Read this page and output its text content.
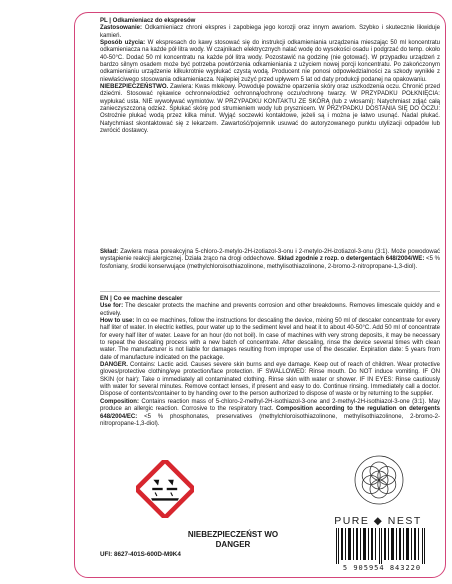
PL | Odkamieniacz do ekspresów

Zastosowanie: Odkamieniacz chroni ekspres i zapobiega jego korozji oraz innym awariom. Szybko i skutecznie likwiduje kamień.

Sposób użycia: W ekspresach do kawy stosować się do instrukcji odkamieniania urządzenia mieszając 50 ml koncentratu odkamieniacza na każde pół litra wody. W czajnikach elektrycznych nalać wodę do wysokości osadu i podgrzać do temp. około 40-50°C. Dodać 50 ml koncentratu na każde pół litra wody. Pozostawić na godzinę (nie gotować). W przypadku urządzeń z bardzo silnym osadem może być potrzeba powtórzenia odkamieniania z użyciem nowej porcji koncentratu. Po zakończonym odkamienianiu urządzenie kilkukrotnie wypłukać czystą wodą. Producent nie ponosi odpowiedzialności za szkody wynikłe z niewłaściwego stosowania odkamieniacza. Najlepiej zużyć przed upływem 5 lat od daty produkcji podanej na opakowaniu.

NIEBEZPIECZEŃSTWO. Zawiera: Kwas mlekowy. Powoduje poważne oparzenia skóry oraz uszkodzenia oczu. Chronić przed dziećmi. Stosować rękawice ochronne/odzież ochronną/ochronę oczu/ochronę twarzy. W PRZYPADKU POŁKNIĘCIA: wypłukać usta. NIE wywoływać wymiotów. W PRZYPADKU KONTAKTU ZE SKÓRĄ (lub z włosami): Natychmiast zdjąć całą zanieczyszczoną odzież. Spłukać skórę pod strumieniem wody lub prysznicem. W PRZYPADKU DOSTANIA SIĘ DO OCZU: Ostrożnie płukać wodą przez kilka minut. Wyjąć soczewki kontaktowe, jeżeli są i można je łatwo usunąć. Nadal płukać. Natychmiast skontaktować się z lekarzem. Zawartość/pojemnik usuwać do autoryzowanego punktu utylizacji odpadów lub zwrócić dostawcy.

Skład: Zawiera masa poreakcyjna 5-chloro-2-metylo-2H-izotiazol-3-onu i 2-metylo-2H-izotiazol-3-onu (3:1). Może powodować wystąpienie reakcji alergicznej. Działa żrąco na drogi oddechowe. Skład zgodnie z rozp. o detergentach 648/2004/WE: <5 % fosfoniany, środki konserwujące (methylchloroisothiazolinone, methylisothiazolinone, 2-bromo-2-nitropropane-1,3-diol).

EN | Co ee machine descaler

Use for: The descaler protects the machine and prevents corrosion and other breakdowns. Removes limescale quickly and e ectively.

How to use: In co ee machines, follow the instructions for descaling the device, mixing 50 ml of descaler concentrate for every half liter of water. In electric kettles, pour water up to the sediment level and heat it to about 40-50°C. Add 50 ml of concentrate for every half liter of water. Leave for an hour (do not boil). In case of machines with very strong deposits, it may be necessary to repeat the descaling process with a new batch of concentrate. After descaling, rinse the device several times with clean water. The manufacturer is not liable for damages resulting from improper use of the descaler. Expiration date: 5 years from date of manufacture indicated on the package.

DANGER. Contains: Lactic acid. Causes severe skin burns and eye damage. Keep out of reach of children. Wear protective gloves/protective clothing/eye protection/face protection. IF SWALLOWED: Rinse mouth. Do NOT induce vomiting. IF ON SKIN (or hair): Take o immediately all contaminated clothing. Rinse skin with water or shower. IF IN EYES: Rinse cautiously with water for several minutes. Remove contact lenses, if present and easy to do. Continue rinsing. Immediately call a doctor. Dispose of contents/container to by handing over to the person authorized to dispose of waste or by returning to the supplier.

Composition: Contains reaction mass of 5-chloro-2-methyl-2H-isothiazol-3-one and 2-methyl-2H-isothiazol-3-one (3:1). May produce an allergic reaction. Corrosive to the respiratory tract. Composition according to the regulation on detergents 648/2004/EC: <5 % phosphonates, preservatives (methylchloroisothiazolinone, methylisothiazolinone, 2-bromo-2-nitropropane-1,3-diol).

NIEBEZPIECZEŃST WO DANGER
UFI: 8627-401S-600D-M9K4
PURE ◆ NEST
5 905954 843220
